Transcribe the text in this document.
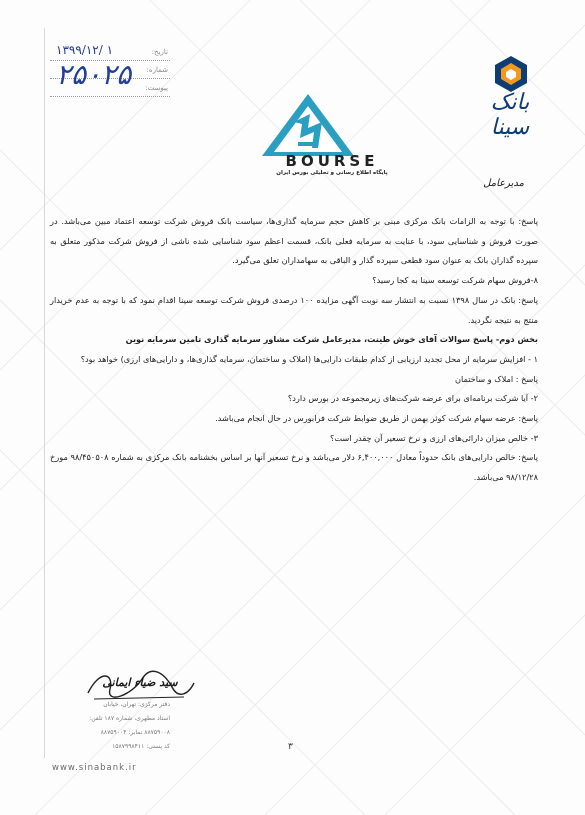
تاریخ:
۱۳۹۹/۱۲/ ۱
شماره:
پیوست:
۲۵۰۲۵
BOURSE
پایگاه اطلاع رسانی و تحلیلی بورس ایران
بانک سینا
مدیرعامل

پاسخ: با توجه به الزامات بانک مرکزی مبنی بر کاهش حجم سرمایه گذاری‌ها، سیاست بانک فروش شرکت توسعه اعتماد مبین می‌باشد. در صورت فروش و شناسایی سود، با عنایت به سرمایه فعلی بانک، قسمت اعظم سود شناسایی شده ناشی از فروش شرکت مذکور متعلق به سپرده گذاران بانک به عنوان سود قطعی سپرده گذار و الباقی به سهامداران تعلق می‌گیرد.

۸-فروش سهام شرکت توسعه سینا به کجا رسید؟

پاسخ: بانک در سال ۱۳۹۸ نسبت به انتشار سه نوبت آگهی مزایده ۱۰۰ درصدی فروش شرکت توسعه سینا اقدام نمود که با توجه به عدم خریدار منتج به نتیجه نگردید.

بخش دوم- پاسخ سوالات آقای خوش طینت، مدیرعامل شرکت مشاور سرمایه گذاری تامین سرمایه نوین

۱ - افزایش سرمایه از محل تجدید ارزیابی از کدام طبقات دارایی‌ها (املاک و ساختمان، سرمایه گذاری‌ها، و دارایی‌های ارزی) خواهد بود؟

پاسخ : املاک و ساختمان

۲- آیا شرکت برنامه‌ای برای عرضه شرکت‌های زیرمجموعه در بورس دارد؟

پاسخ: عرضه سهام شرکت کوثر بهمن از طریق ضوابط شرکت فرابورس در حال انجام می‌باشد.

۳- خالص میزان دارائی‌های ارزی و نرخ تسعیر آن چقدر است؟

پاسخ: خالص دارایی‌های بانک حدوداً معادل ۶,۴۰۰,۰۰۰ دلار می‌باشد و نرخ تسعیر آنها بر اساس بخشنامه بانک مرکزی به شماره ۹۸/۴۵۰۵۰۸ مورخ ۹۸/۱۲/۲۸ می‌باشد.

سید ضیاء ایمانی
دفتر مرکزی: تهران، خیابان
استاد مطهری، شماره ۱۸۷ تلفن:
۸۸۷۵۹۰۰۸ نمابر: ۸۸۷۵۹۰۰۴
کد پستی: ۱۵۸۷۹۹۸۴۱۱	۳
www.sinabank.ir
